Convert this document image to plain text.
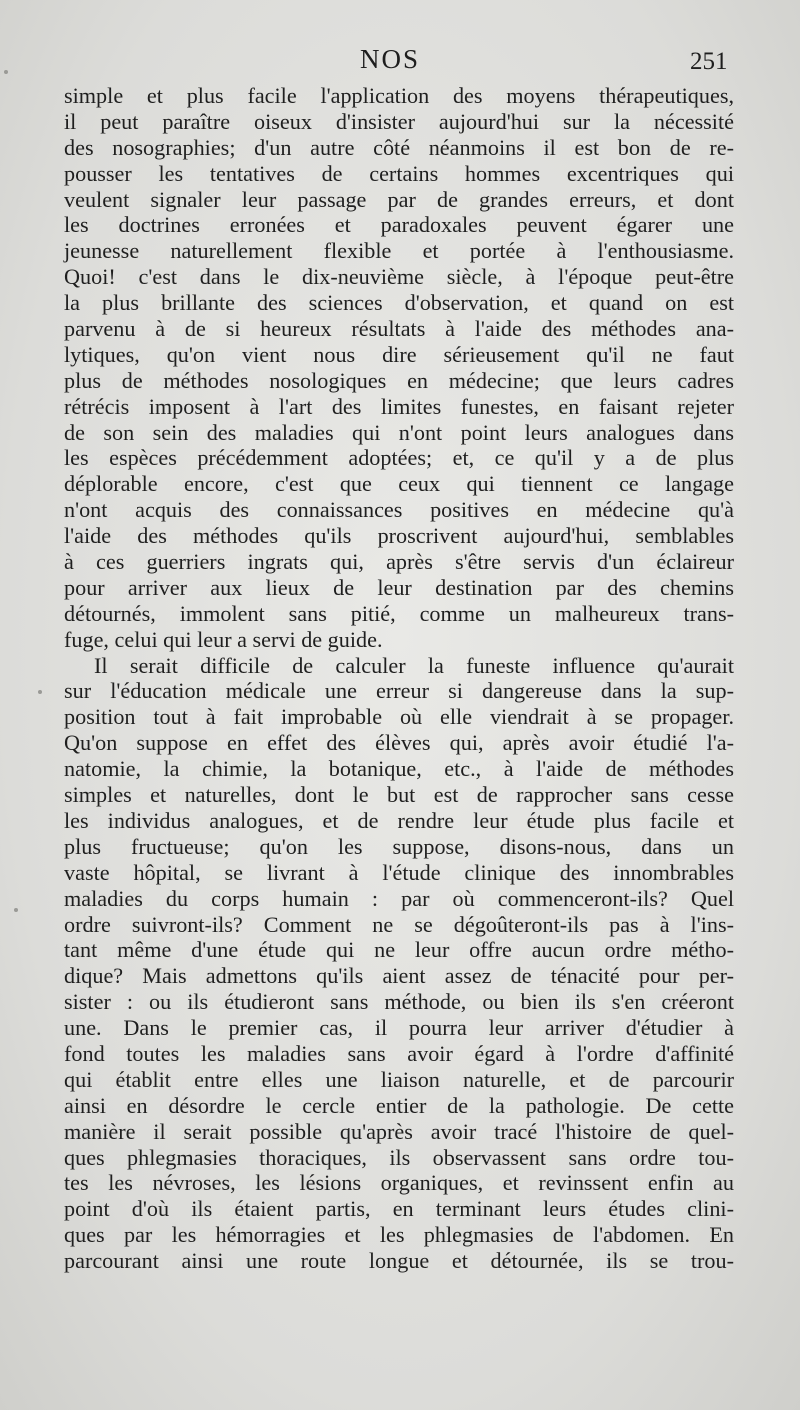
NOS	251
simple et plus facile l'application des moyens thérapeutiques,
il peut paraître oiseux d'insister aujourd'hui sur la nécessité
des nosographies; d'un autre côté néanmoins il est bon de re-
pousser les tentatives de certains hommes excentriques qui
veulent signaler leur passage par de grandes erreurs, et dont
les doctrines erronées et paradoxales peuvent égarer une
jeunesse naturellement flexible et portée à l'enthousiasme.
Quoi! c'est dans le dix-neuvième siècle, à l'époque peut-être
la plus brillante des sciences d'observation, et quand on est
parvenu à de si heureux résultats à l'aide des méthodes ana-
lytiques, qu'on vient nous dire sérieusement qu'il ne faut
plus de méthodes nosologiques en médecine; que leurs cadres
rétrécis imposent à l'art des limites funestes, en faisant rejeter
de son sein des maladies qui n'ont point leurs analogues dans
les espèces précédemment adoptées; et, ce qu'il y a de plus
déplorable encore, c'est que ceux qui tiennent ce langage
n'ont acquis des connaissances positives en médecine qu'à
l'aide des méthodes qu'ils proscrivent aujourd'hui, semblables
à ces guerriers ingrats qui, après s'être servis d'un éclaireur
pour arriver aux lieux de leur destination par des chemins
détournés, immolent sans pitié, comme un malheureux trans-
fuge, celui qui leur a servi de guide.
Il serait difficile de calculer la funeste influence qu'aurait
sur l'éducation médicale une erreur si dangereuse dans la sup-
position tout à fait improbable où elle viendrait à se propager.
Qu'on suppose en effet des élèves qui, après avoir étudié l'a-
natomie, la chimie, la botanique, etc., à l'aide de méthodes
simples et naturelles, dont le but est de rapprocher sans cesse
les individus analogues, et de rendre leur étude plus facile et
plus fructueuse; qu'on les suppose, disons-nous, dans un
vaste hôpital, se livrant à l'étude clinique des innombrables
maladies du corps humain : par où commenceront-ils? Quel
ordre suivront-ils? Comment ne se dégoûteront-ils pas à l'ins-
tant même d'une étude qui ne leur offre aucun ordre métho-
dique? Mais admettons qu'ils aient assez de ténacité pour per-
sister : ou ils étudieront sans méthode, ou bien ils s'en créeront
une. Dans le premier cas, il pourra leur arriver d'étudier à
fond toutes les maladies sans avoir égard à l'ordre d'affinité
qui établit entre elles une liaison naturelle, et de parcourir
ainsi en désordre le cercle entier de la pathologie. De cette
manière il serait possible qu'après avoir tracé l'histoire de quel-
ques phlegmasies thoraciques, ils observassent sans ordre tou-
tes les névroses, les lésions organiques, et revinssent enfin au
point d'où ils étaient partis, en terminant leurs études clini-
ques par les hémorragies et les phlegmasies de l'abdomen. En
parcourant ainsi une route longue et détournée, ils se trou-
